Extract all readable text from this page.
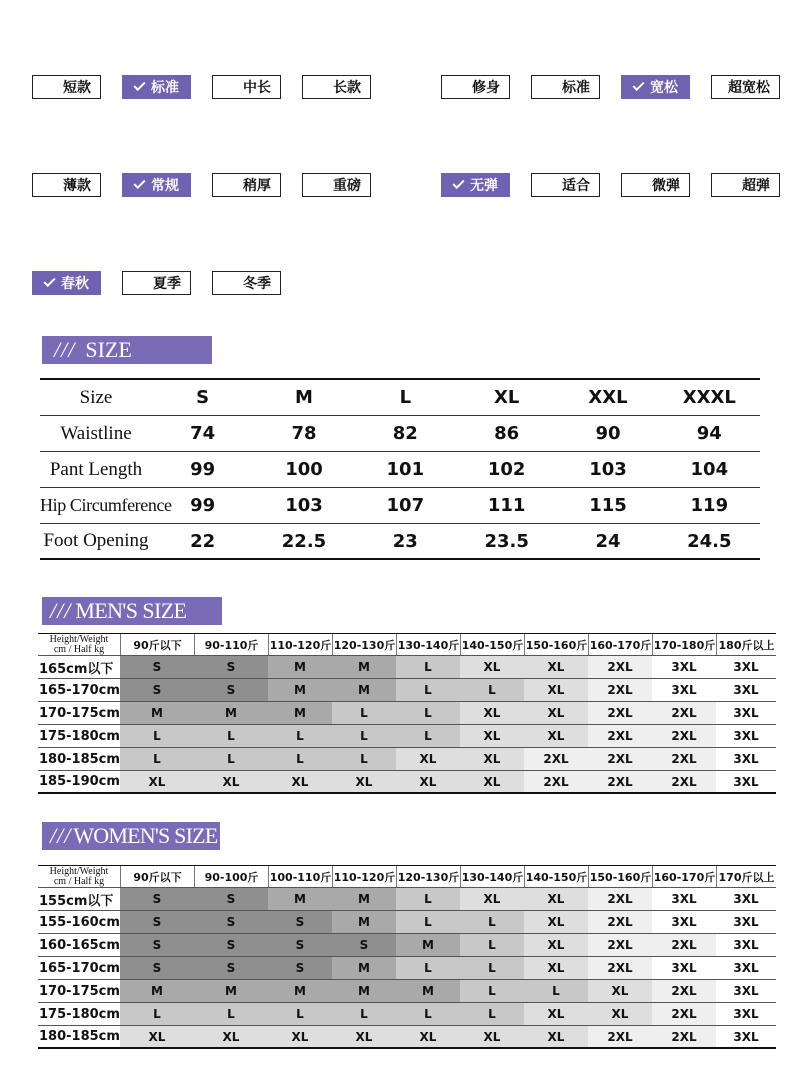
短款	标准	中长	长款	修身	标准	宽松	超宽松
薄款	常规	稍厚	重磅	无弹	适合	微弹	超弹
春秋	夏季	冬季
/// SIZE
Size	S	M	L	XL	XXL	XXXL
Waistline	74	78	82	86	90	94
Pant Length	99	100	101	102	103	104
Hip Circumference	99	103	107	111	115	119
Foot Opening	22	22.5	23	23.5	24	24.5
/// MEN'S SIZE
Height/Weight
cm / Half kg	90斤以下	90-110斤	110-120斤 120-130斤 130-140斤 140-150斤 150-160斤 160-170斤 170-180斤 180斤以上
165cm以下	S	S	M	M	L	XL	XL	2XL	3XL	3XL
165-170cm	S	S	M	M	L	L	XL	2XL	3XL	3XL
170-175cm	M	M	M	L	L	XL	XL	2XL	2XL	3XL
175-180cm	L	L	L	L	L	XL	XL	2XL	2XL	3XL
180-185cm	L	L	L	L	XL	XL	2XL	2XL	2XL	3XL
185-190cm	XL	XL	XL	XL	XL	XL	2XL	2XL	2XL	3XL
/// WOMEN'S SIZE
Height/Weight
cm / Half kg	90斤以下	90-100斤	100-110斤 110-120斤 120-130斤 130-140斤 140-150斤 150-160斤 160-170斤 170斤以上
155cm以下	S	S	M	M	L	XL	XL	2XL	3XL	3XL
155-160cm	S	S	S	M	L	L	XL	2XL	3XL	3XL
160-165cm	S	S	S	S	M	L	XL	2XL	2XL	3XL
165-170cm	S	S	S	M	L	L	XL	2XL	3XL	3XL
170-175cm	M	M	M	M	M	L	L	XL	2XL	3XL
175-180cm	L	L	L	L	L	L	XL	XL	2XL	3XL
180-185cm	XL	XL	XL	XL	XL	XL	XL	2XL	2XL	3XL
